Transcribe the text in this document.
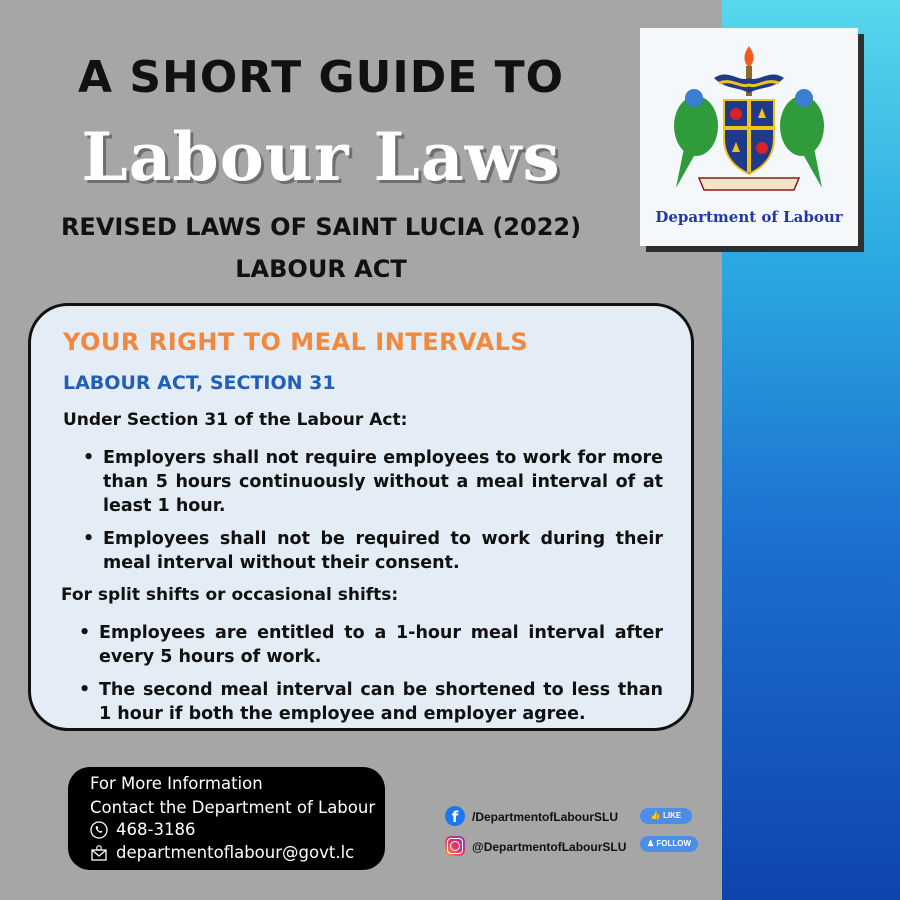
A SHORT GUIDE TO
Labour Laws
REVISED LAWS OF SAINT LUCIA (2022)
LABOUR ACT
Department of Labour
YOUR RIGHT TO MEAL INTERVALS
LABOUR ACT, SECTION 31
Under Section 31 of the Labour Act:
• Employers shall not require employees to work for more than 5 hours continuously without a meal interval of at least 1 hour.
• Employees shall not be required to work during their meal interval without their consent.
For split shifts or occasional shifts:
• Employees are entitled to a 1-hour meal interval after every 5 hours of work.
• The second meal interval can be shortened to less than 1 hour if both the employee and employer agree.
For More Information
Contact the Department of Labour
468-3186
departmentoflabour@govt.lc
f	/DepartmentofLabourSLU	👍 LIKE
@DepartmentofLabourSLU	♟ FOLLOW
